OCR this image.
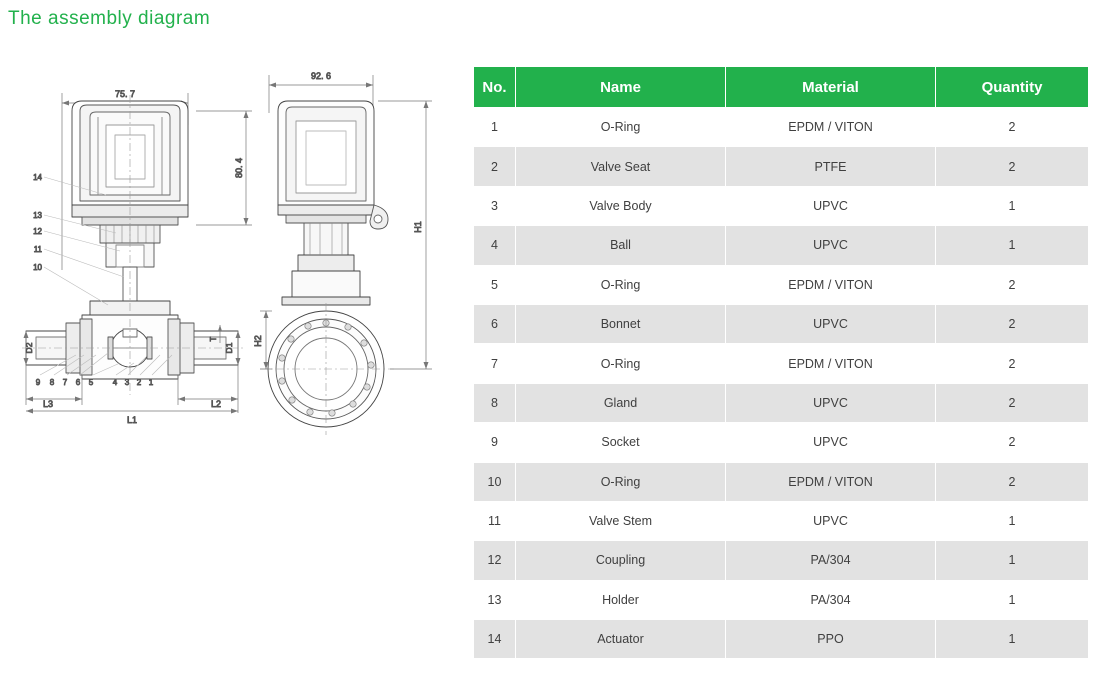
The assembly diagram
75. 7
80. 4
D2	D1
T
L3	L2
L1
14
13
12
11
10
9 8 7 6 5 4 3 2 1
92. 6
H1
H2
No.	Name	Material	Quantity
1	O-Ring	EPDM / VITON	2
2	Valve Seat	PTFE	2
3	Valve Body	UPVC	1
4	Ball	UPVC	1
5	O-Ring	EPDM / VITON	2
6	Bonnet	UPVC	2
7	O-Ring	EPDM / VITON	2
8	Gland	UPVC	2
9	Socket	UPVC	2
10	O-Ring	EPDM / VITON	2
11	Valve Stem	UPVC	1
12	Coupling	PA/304	1
13	Holder	PA/304	1
14	Actuator	PPO	1
